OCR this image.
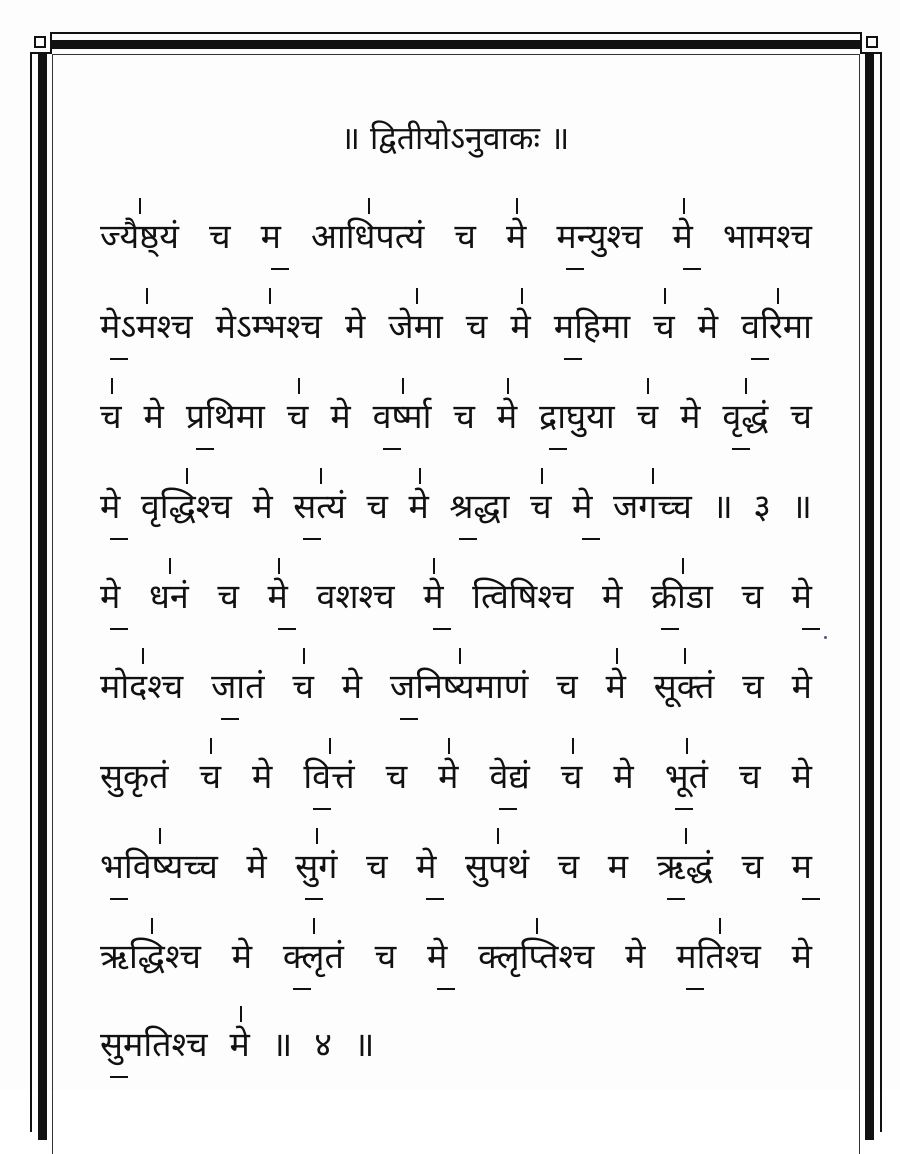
॥ द्वितीयोऽनुवाकः ॥
ज्यैष्ठ्यं च म आधिपत्यं च मे मन्युश्च मे भामश्च
मेऽमश्च मेऽम्भश्च मे जेमा च मे महिमा च मे वरिमा
च मे प्रथिमा च मे वर्ष्मा च मे द्राघुया च मे वृद्धं च
मे वृद्धिश्च मे सत्यं च मे श्रद्धा च मे जगच्च ॥ ३ ॥
मे धनं च मे वशश्च मे त्विषिश्च मे क्रीडा च मे
मोदश्च जातं च मे जनिष्यमाणं च मे सूक्तं च मे
सुकृतं च मे वित्तं च मे वेद्यं च मे भूतं च मे
भविष्यच्च मे सुगं च मे सुपथं च म ऋद्धं च म
ऋद्धिश्च मे क्लृतं च मे क्लृप्तिश्च मे मतिश्च मे
सुमतिश्च मे ॥ ४ ॥
